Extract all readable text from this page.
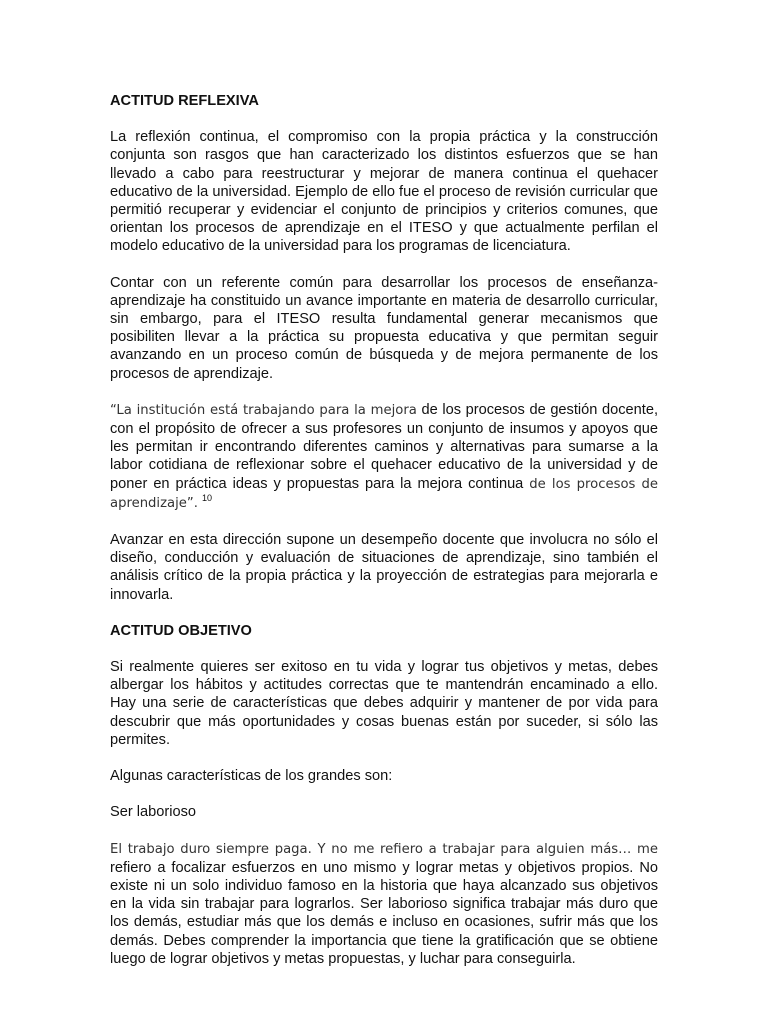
ACTITUD REFLEXIVA

La reflexión continua, el compromiso con la propia práctica y la construcción conjunta son rasgos que han caracterizado los distintos esfuerzos que se han llevado a cabo para reestructurar y mejorar de manera continua el quehacer educativo de la universidad. Ejemplo de ello fue el proceso de revisión curricular que permitió recuperar y evidenciar el conjunto de principios y criterios comunes, que orientan los procesos de aprendizaje en el ITESO y que actualmente perfilan el modelo educativo de la universidad para los programas de licenciatura.

Contar con un referente común para desarrollar los procesos de enseñanza-aprendizaje ha constituido un avance importante en materia de desarrollo curricular, sin embargo, para el ITESO resulta fundamental generar mecanismos que posibiliten llevar a la práctica su propuesta educativa y que permitan seguir avanzando en un proceso común de búsqueda y de mejora permanente de los procesos de aprendizaje.

“La institución está trabajando para la mejora de los procesos de gestión docente, con el propósito de ofrecer a sus profesores un conjunto de insumos y apoyos que les permitan ir encontrando diferentes caminos y alternativas para sumarse a la labor cotidiana de reflexionar sobre el quehacer educativo de la universidad y de poner en práctica ideas y propuestas para la mejora continua de los procesos de aprendizaje”. $^{10}$

Avanzar en esta dirección supone un desempeño docente que involucra no sólo el diseño, conducción y evaluación de situaciones de aprendizaje, sino también el análisis crítico de la propia práctica y la proyección de estrategias para mejorarla e innovarla.

ACTITUD OBJETIVO

Si realmente quieres ser exitoso en tu vida y lograr tus objetivos y metas, debes albergar los hábitos y actitudes correctas que te mantendrán encaminado a ello. Hay una serie de características que debes adquirir y mantener de por vida para descubrir que más oportunidades y cosas buenas están por suceder, si sólo las permites.

Algunas características de los grandes son:

Ser laborioso

El trabajo duro siempre paga. Y no me refiero a trabajar para alguien más… me refiero a focalizar esfuerzos en uno mismo y lograr metas y objetivos propios. No existe ni un solo individuo famoso en la historia que haya alcanzado sus objetivos en la vida sin trabajar para lograrlos. Ser laborioso significa trabajar más duro que los demás, estudiar más que los demás e incluso en ocasiones, sufrir más que los demás. Debes comprender la importancia que tiene la gratificación que se obtiene luego de lograr objetivos y metas propuestas, y luchar para conseguirla.
